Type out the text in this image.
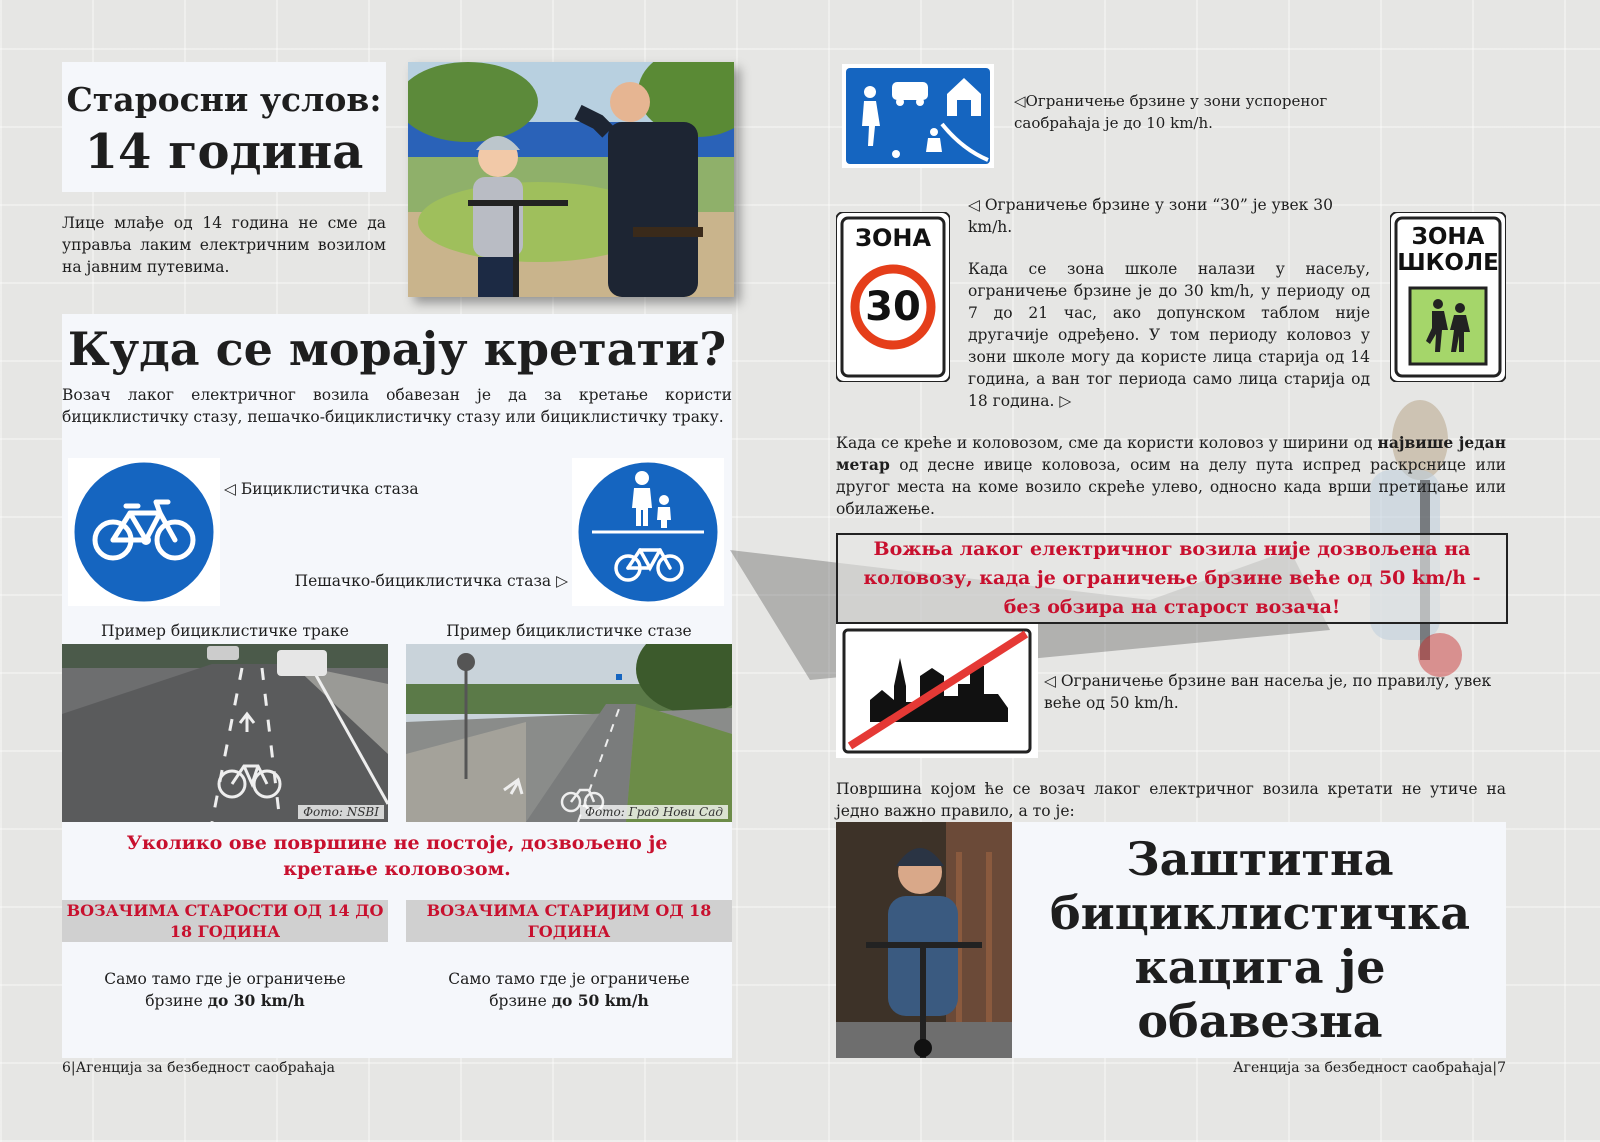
Старосни услов:
14 година
Лице млађе од 14 година не сме да управља лаким електричним возилом на јавним путевима.
Куда се морају кретати?
Возач лаког електричног возила обавезан је да за кретање користи бициклистичку стазу, пешачко-бициклистичку стазу или бициклистичку траку.
◁ Бициклистичка стаза
Пешачко-бициклистичка стаза ▷
Пример бициклистичке траке	Пример бициклистичке стазе
Фото: NSBI	Фото: Град Нови Сад
Уколико ове површине не постоје, дозвољено је кретање коловозом.
ВОЗАЧИМА СТАРОСТИ ОД 14 ДО 18 ГОДИНА
ВОЗАЧИМА СТАРИЈИМ ОД 18 ГОДИНА
Само тамо где је ограничење брзине до 30 km/h
Само тамо где је ограничење брзине до 50 km/h
6|Агенција за безбедност саобраћаја
◁Ограничење брзине у зони успореног саобраћаја је до 10 km/h.
ЗОНА
30
◁ Ограничење брзине у зони “30” је увек 30 km/h.
Када се зона школе налази у насељу, ограничење брзине је до 30 km/h, у периоду од 7 до 21 час, ако допунском таблом није другачије одређено. У том периоду коловоз у зони школе могу да користе лица старија од 14 година, а ван тог периода само лица старија од 18 година. ▷
ЗОНА
ШКОЛЕ
Када се креће и коловозом, сме да користи коловоз у ширини од највише један метар од десне ивице коловоза, осим на делу пута испред раскрснице или другог места на коме возило скреће улево, односно када врши претицање или обилажење.
Вожња лаког електричног возила није дозвољена на коловозу, када је ограничење брзине веће од 50 km/h - без обзира на старост возача!
◁ Ограничење брзине ван насеља је, по правилу, увек веће од 50 km/h.
Површина којом ће се возач лаког електричног возила кретати не утиче на једно важно правило, а то је:
Заштитна бициклистичка кацига је обавезна
Агенција за безбедност саобраћаја|7
